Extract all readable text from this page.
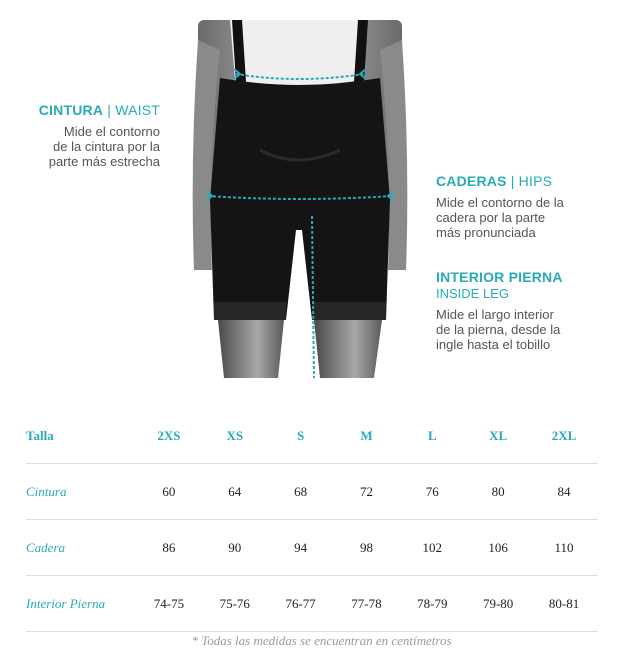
CINTURA | WAIST
Mide el contorno
de la cintura por la
parte más estrecha
CADERAS | HIPS
Mide el contorno de la
cadera por la parte
más pronunciada
INTERIOR PIERNA
INSIDE LEG
Mide el largo interior
de la pierna, desde la
ingle hasta el tobillo
Talla	2XS	XS	S	M	L	XL	2XL
Cintura	60	64	68	72	76	80	84
Cadera	86	90	94	98	102	106	110
Interior Pierna	74-75	75-76	76-77	77-78	78-79	79-80	80-81
* Todas las medidas se encuentran en centímetros
